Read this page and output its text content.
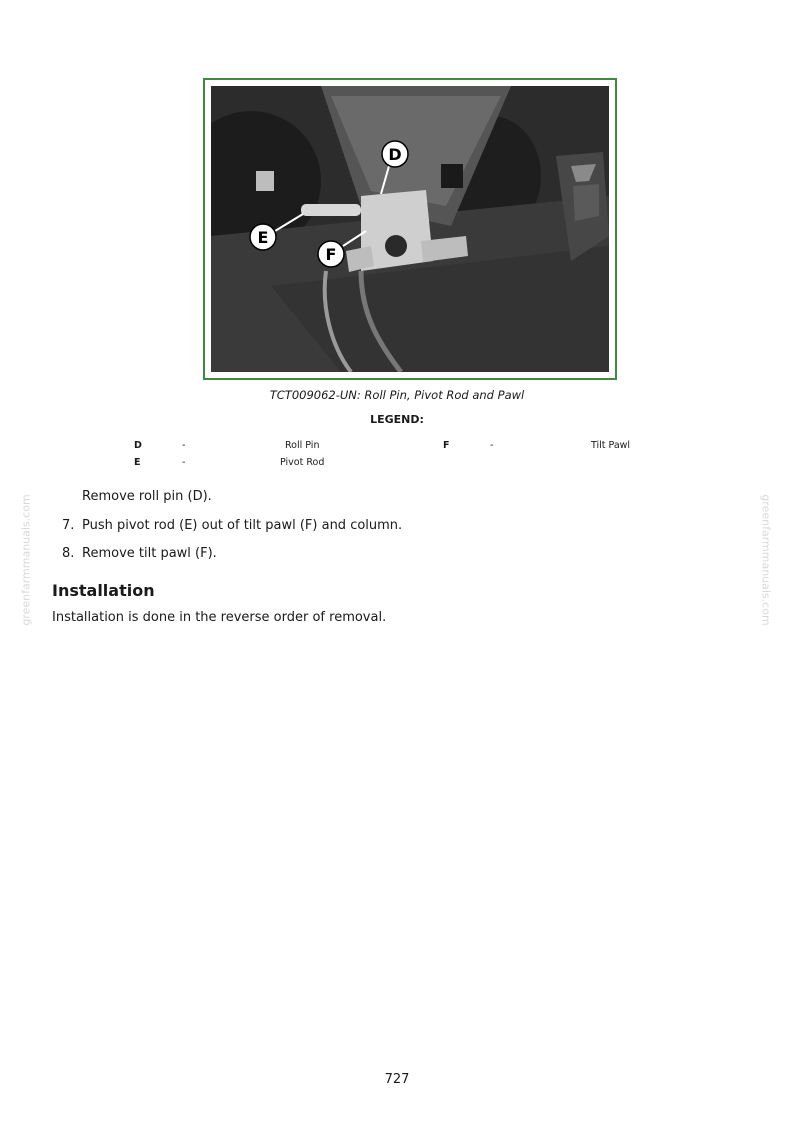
D
E
F
TCT009062-UN: Roll Pin, Pivot Rod and Pawl
LEGEND:
D	-	Roll Pin	F	-	Tilt Pawl
E	-	Pivot Rod
Remove roll pin (D).
7. Push pivot rod (E) out of tilt pawl (F) and column.
8. Remove tilt pawl (F).
Installation
Installation is done in the reverse order of removal.
727
greenfarmmanuals.com	greenfarmmanuals.com
